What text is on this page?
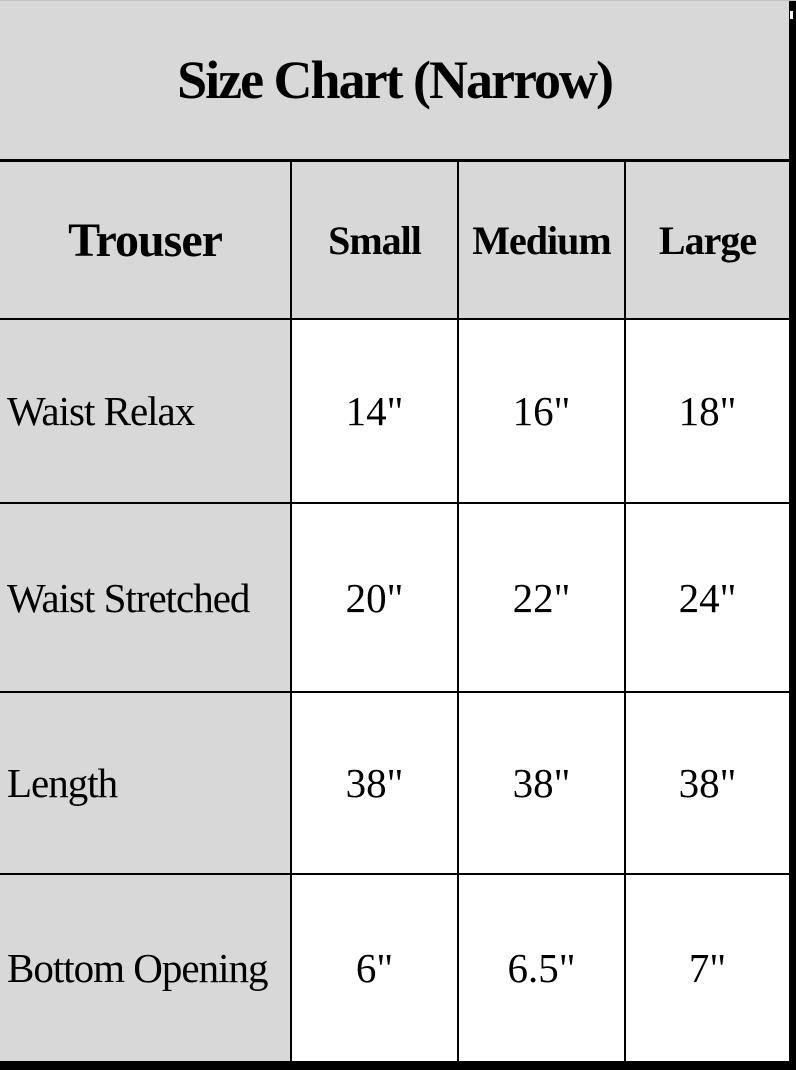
Size Chart (Narrow)
Trouser	Small	Medium	Large
Waist Relax	14"	16"	18"
Waist Stretched	20"	22"	24"
Length	38"	38"	38"
Bottom Opening	6"	6.5"	7"
